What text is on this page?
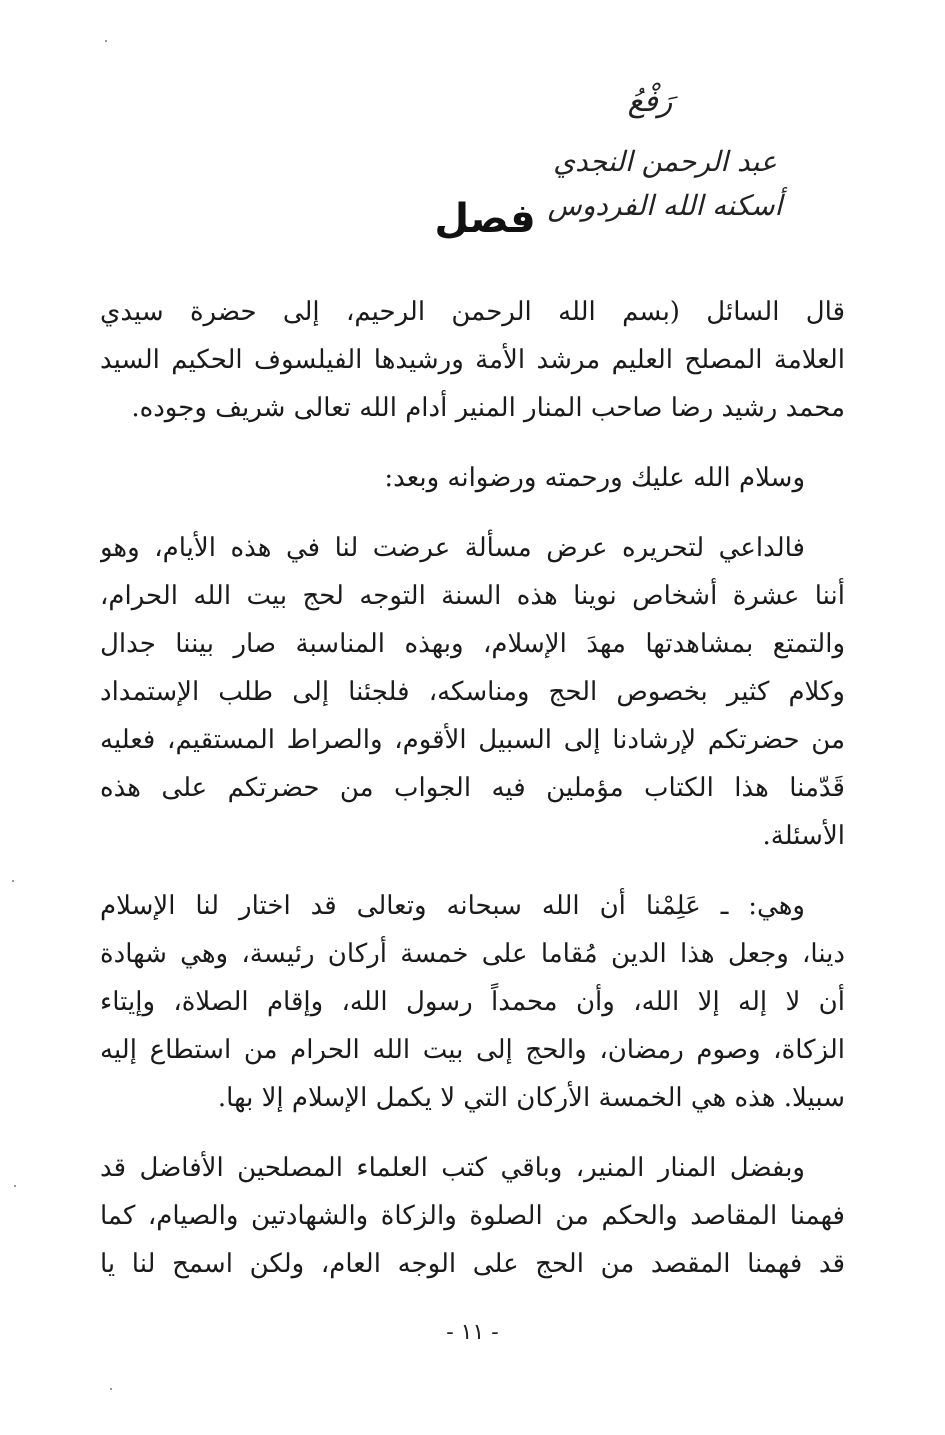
رَفْعُ
عبد الرحمن النجدي
أسكنه الله الفردوس
فصل
قال السائل (بسم الله الرحمن الرحيم، إلى حضرة سيدي
العلامة المصلح العليم مرشد الأمة ورشيدها الفيلسوف الحكيم السيد
محمد رشيد رضا صاحب المنار المنير أدام الله تعالى شريف وجوده.
وسلام الله عليك ورحمته ورضوانه وبعد:
فالداعي لتحريره عرض مسألة عرضت لنا في هذه الأيام، وهو
أننا عشرة أشخاص نوينا هذه السنة التوجه لحج بيت الله الحرام،
والتمتع بمشاهدتها مهدَ الإسلام، وبهذه المناسبة صار بيننا جدال
وكلام كثير بخصوص الحج ومناسكه، فلجئنا إلى طلب الإستمداد
من حضرتكم لإرشادنا إلى السبيل الأقوم، والصراط المستقيم، فعليه
قَدّمنا هذا الكتاب مؤملين فيه الجواب من حضرتكم على هذه
الأسئلة.
وهي: ـ عَلِمْنا أن الله سبحانه وتعالى قد اختار لنا الإسلام
دينا، وجعل هذا الدين مُقاما على خمسة أركان رئيسة، وهي شهادة
أن لا إله إلا الله، وأن محمداً رسول الله، وإقام الصلاة، وإيتاء
الزكاة، وصوم رمضان، والحج إلى بيت الله الحرام من استطاع إليه
سبيلا. هذه هي الخمسة الأركان التي لا يكمل الإسلام إلا بها.
وبفضل المنار المنير، وباقي كتب العلماء المصلحين الأفاضل قد
فهمنا المقاصد والحكم من الصلوة والزكاة والشهادتين والصيام، كما
قد فهمنا المقصد من الحج على الوجه العام، ولكن اسمح لنا يا
- ١١ -
